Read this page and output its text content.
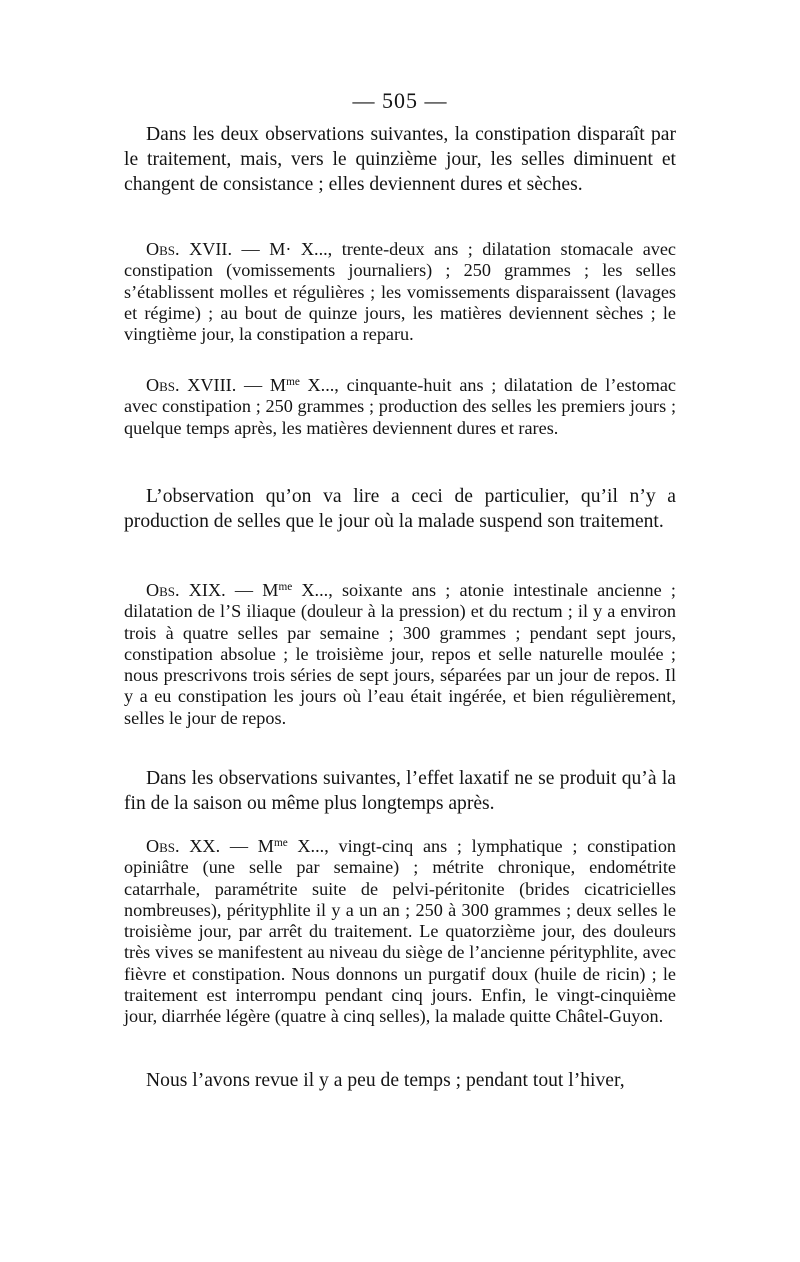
— 505 —

Dans les deux observations suivantes, la constipation disparaît par le traitement, mais, vers le quinzième jour, les selles diminuent et changent de consistance ; elles deviennent dures et sèches.

Obs. XVII. — M· X..., trente-deux ans ; dilatation stomacale avec constipation (vomissements journaliers) ; 250 grammes ; les selles s’établissent molles et régulières ; les vomissements disparaissent (lavages et régime) ; au bout de quinze jours, les matières deviennent sèches ; le vingtième jour, la constipation a reparu.

Obs. XVIII. — $M^{me}$ X..., cinquante-huit ans ; dilatation de l’estomac avec constipation ; 250 grammes ; production des selles les premiers jours ; quelque temps après, les matières deviennent dures et rares.

L’observation qu’on va lire a ceci de particulier, qu’il n’y a production de selles que le jour où la malade suspend son traitement.

Obs. XIX. — $M^{me}$ X..., soixante ans ; atonie intestinale ancienne ; dilatation de l’S iliaque (douleur à la pression) et du rectum ; il y a environ trois à quatre selles par semaine ; 300 grammes ; pendant sept jours, constipation absolue ; le troisième jour, repos et selle naturelle moulée ; nous prescrivons trois séries de sept jours, séparées par un jour de repos. Il y a eu constipation les jours où l’eau était ingérée, et bien régulièrement, selles le jour de repos.

Dans les observations suivantes, l’effet laxatif ne se produit qu’à la fin de la saison ou même plus longtemps après.

Obs. XX. — $M^{me}$ X..., vingt-cinq ans ; lymphatique ; constipation opiniâtre (une selle par semaine) ; métrite chronique, endométrite catarrhale, paramétrite suite de pelvi-péritonite (brides cicatricielles nombreuses), pérityphlite il y a un an ; 250 à 300 grammes ; deux selles le troisième jour, par arrêt du traitement. Le quatorzième jour, des douleurs très vives se manifestent au niveau du siège de l’ancienne pérityphlite, avec fièvre et constipation. Nous donnons un purgatif doux (huile de ricin) ; le traitement est interrompu pendant cinq jours. Enfin, le vingt-cinquième jour, diarrhée légère (quatre à cinq selles), la malade quitte Châtel-Guyon.

Nous l’avons revue il y a peu de temps ; pendant tout l’hiver,
